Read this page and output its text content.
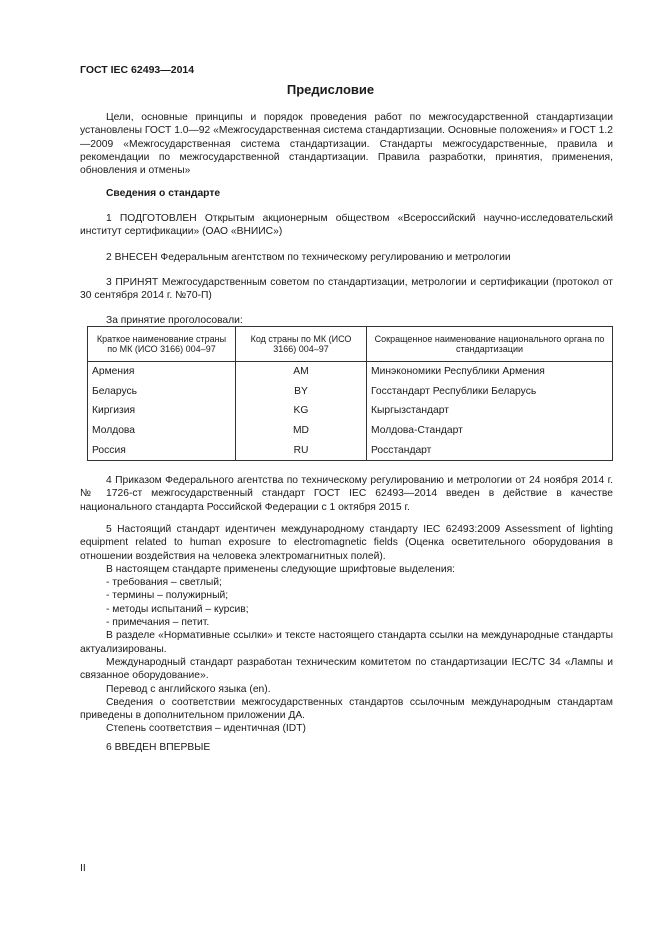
ГОСТ IEC 62493—2014
Предисловие
Цели, основные принципы и порядок проведения работ по межгосударственной стандартизации установлены ГОСТ 1.0—92 «Межгосударственная система стандартизации. Основные положения» и ГОСТ 1.2—2009 «Межгосударственная система стандартизации. Стандарты межгосударственные, правила и рекомендации по межгосударственной стандартизации. Правила разработки, принятия, применения, обновления и отмены»
Сведения о стандарте
1 ПОДГОТОВЛЕН Открытым акционерным обществом «Всероссийский научно-исследовательский институт сертификации» (ОАО «ВНИИС»)
2 ВНЕСЕН Федеральным агентством по техническому регулированию и метрологии
3 ПРИНЯТ Межгосударственным советом по стандартизации, метрологии и сертификации (протокол от 30 сентября 2014 г. №70-П)
За принятие проголосовали:
Краткое наименование страны по МК (ИСО 3166) 004–97	Код страны по МК (ИСО 3166) 004–97	Сокращенное наименование национального органа по стандартизации
Армения	AM	Минэкономики Республики Армения
Беларусь	BY	Госстандарт Республики Беларусь
Киргизия	KG	Кыргызстандарт
Молдова	MD	Молдова-Стандарт
Россия	RU	Росстандарт
4 Приказом Федерального агентства по техническому регулированию и метрологии от 24 ноября 2014 г. № 1726-ст межгосударственный стандарт ГОСТ IEC 62493—2014 введен в действие в качестве национального стандарта Российской Федерации с 1 октября 2015 г.
5 Настоящий стандарт идентичен международному стандарту IEC 62493:2009 Assessment of lighting equipment related to human exposure to electromagnetic fields (Оценка осветительного оборудования в отношении воздействия на человека электромагнитных полей).
В настоящем стандарте применены следующие шрифтовые выделения:
- требования – светлый;
- термины – полужирный;
- методы испытаний – курсив;
- примечания – петит.
В разделе «Нормативные ссылки» и тексте настоящего стандарта ссылки на международные стандарты актуализированы.
Международный стандарт разработан техническим комитетом по стандартизации IEC/TC 34 «Лампы и связанное оборудование».
Перевод с английского языка (en).
Сведения о соответствии межгосударственных стандартов ссылочным международным стандартам приведены в дополнительном приложении ДА.
Степень соответствия – идентичная (IDT)
6 ВВЕДЕН ВПЕРВЫЕ
II
